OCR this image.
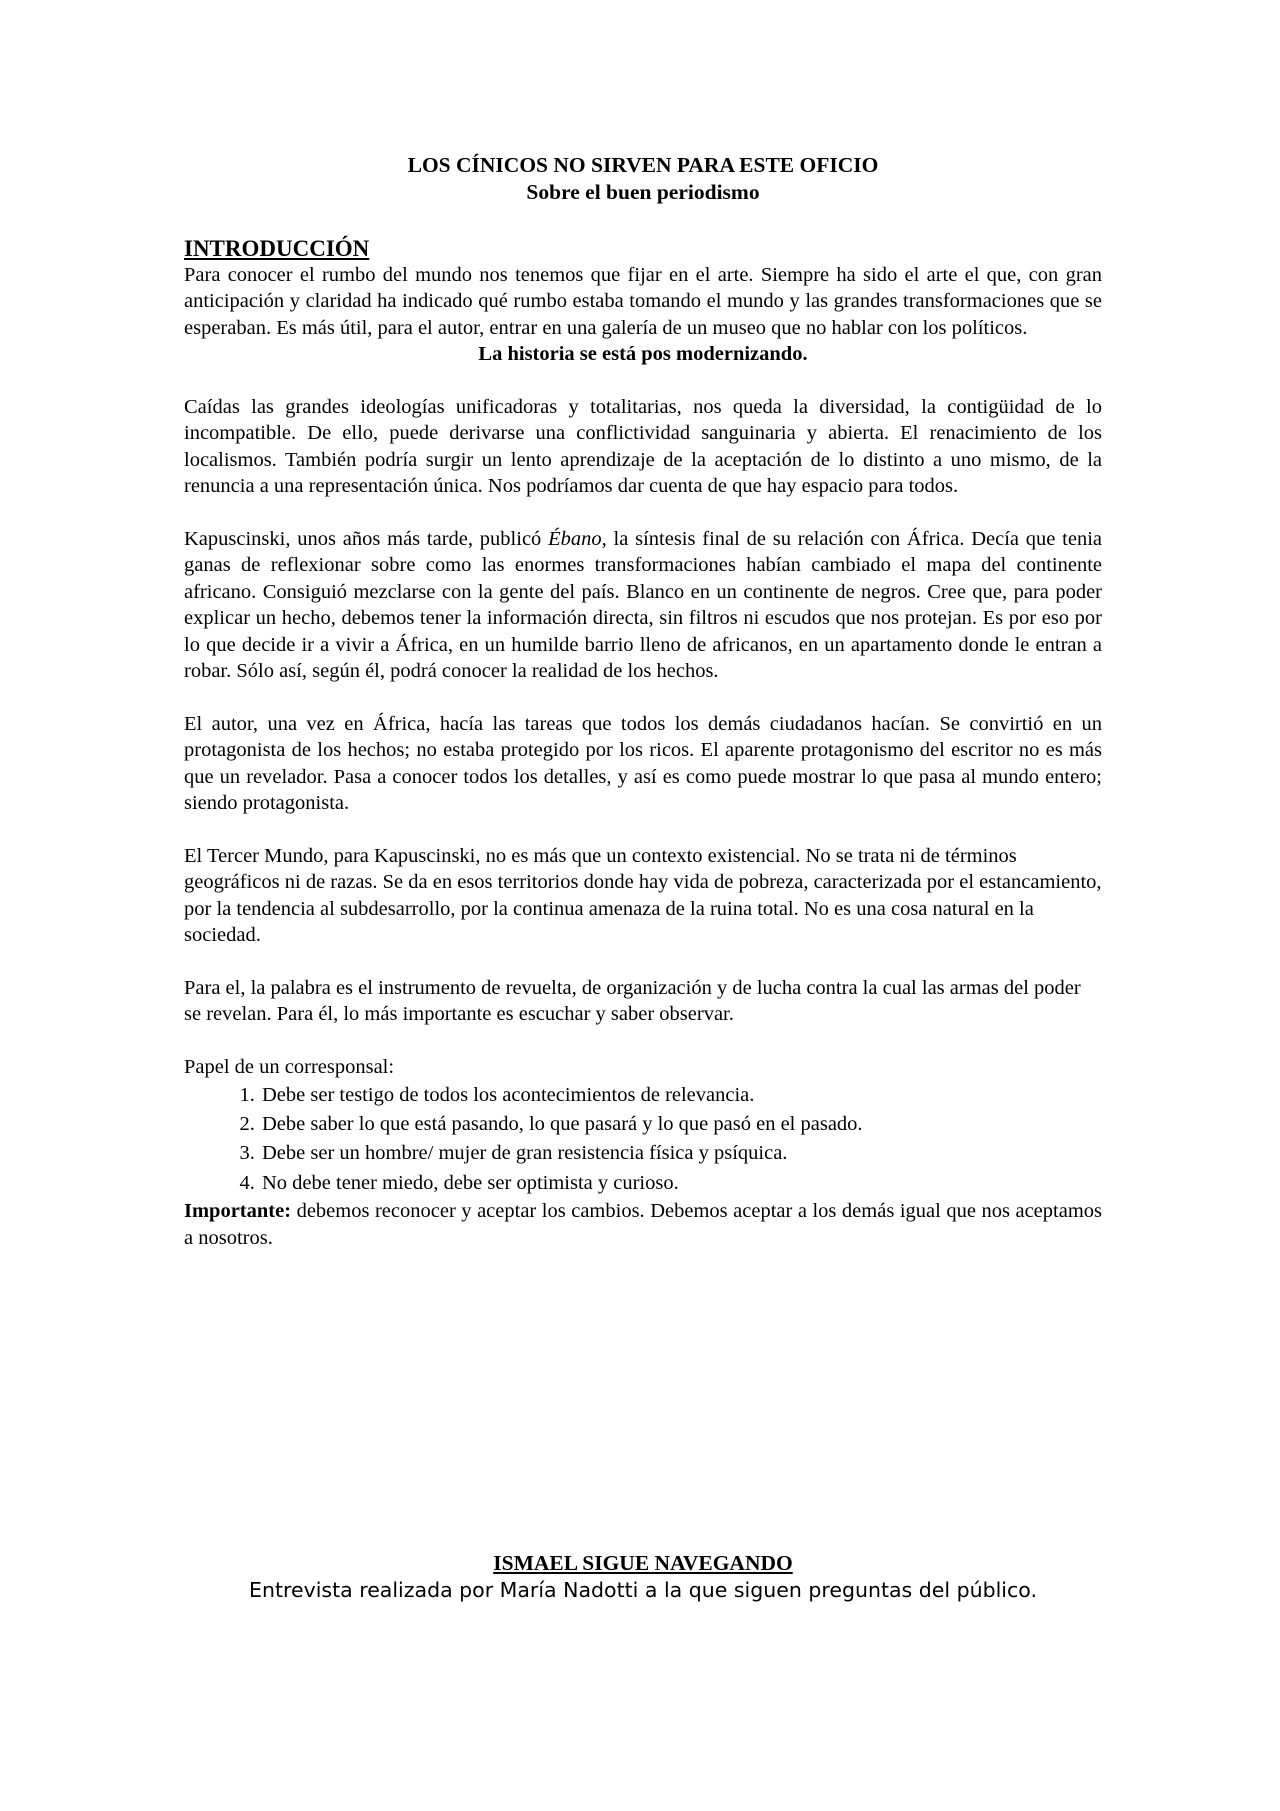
LOS CÍNICOS NO SIRVEN PARA ESTE OFICIO
Sobre el buen periodismo
INTRODUCCIÓN

Para conocer el rumbo del mundo nos tenemos que fijar en el arte. Siempre ha sido el arte el que, con gran anticipación y claridad ha indicado qué rumbo estaba tomando el mundo y las grandes transformaciones que se esperaban. Es más útil, para el autor, entrar en una galería de un museo que no hablar con los políticos.

La historia se está pos modernizando.

Caídas las grandes ideologías unificadoras y totalitarias, nos queda la diversidad, la contigüidad de lo incompatible. De ello, puede derivarse una conflictividad sanguinaria y abierta. El renacimiento de los localismos. También podría surgir un lento aprendizaje de la aceptación de lo distinto a uno mismo, de la renuncia a una representación única. Nos podríamos dar cuenta de que hay espacio para todos.

Kapuscinski, unos años más tarde, publicó Ébano, la síntesis final de su relación con África. Decía que tenia ganas de reflexionar sobre como las enormes transformaciones habían cambiado el mapa del continente africano. Consiguió mezclarse con la gente del país. Blanco en un continente de negros. Cree que, para poder explicar un hecho, debemos tener la información directa, sin filtros ni escudos que nos protejan. Es por eso por lo que decide ir a vivir a África, en un humilde barrio lleno de africanos, en un apartamento donde le entran a robar. Sólo así, según él, podrá conocer la realidad de los hechos.

El autor, una vez en África, hacía las tareas que todos los demás ciudadanos hacían. Se convirtió en un protagonista de los hechos; no estaba protegido por los ricos. El aparente protagonismo del escritor no es más que un revelador. Pasa a conocer todos los detalles, y así es como puede mostrar lo que pasa al mundo entero; siendo protagonista.

El Tercer Mundo, para Kapuscinski, no es más que un contexto existencial. No se trata ni de términos geográficos ni de razas. Se da en esos territorios donde hay vida de pobreza, caracterizada por el estancamiento, por la tendencia al subdesarrollo, por la continua amenaza de la ruina total. No es una cosa natural en la sociedad.

Para el, la palabra es el instrumento de revuelta, de organización y de lucha contra la cual las armas del poder se revelan. Para él, lo más importante es escuchar y saber observar.

Papel de un corresponsal:

1. Debe ser testigo de todos los acontecimientos de relevancia.
2. Debe saber lo que está pasando, lo que pasará y lo que pasó en el pasado.
3. Debe ser un hombre/ mujer de gran resistencia física y psíquica.
4. No debe tener miedo, debe ser optimista y curioso.

Importante: debemos reconocer y aceptar los cambios. Debemos aceptar a los demás igual que nos aceptamos a nosotros.

ISMAEL SIGUE NAVEGANDO
Entrevista realizada por María Nadotti a la que siguen preguntas del público.
